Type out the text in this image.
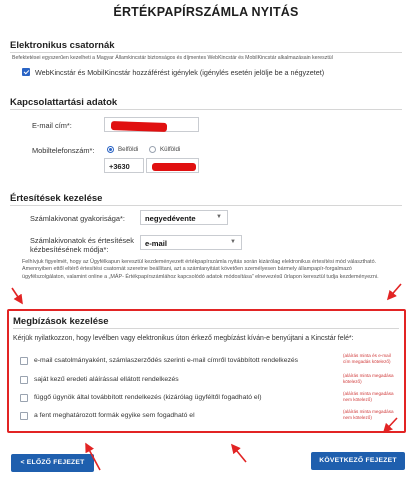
ÉRTÉKPAPÍRSZÁMLA NYITÁS
Elektronikus csatornák
Befektetései egyszerűen kezelheti a Magyar Államkincstár biztonságos és díjmentes WebKincstár és MobilKincstár alkalmazásain keresztül
WebKincstár és MobilKincstár hozzáférést igénylek (igénylés esetén jelölje be a négyzetet)
Kapcsolattartási adatok
E-mail cím*:
Mobiltelefonszám*:	Belföldi	Külföldi
+3630
Értesítések kezelése
Számlakivonat gyakorisága*:	negyedévente	▼
Számlakivonatok és értesítések
kézbesítésének módja*:
e-mail	▼
Felhívjuk figyelmét, hogy az Ügyfélkapun keresztül kezdeményezett értékpapírszámla nyitás során kizárólag elektronikus értesítési mód választható. Amennyiben ettől eltérő értesítési csatornát szeretne beállítani, azt a számlanyitást követően személyesen bármely állampapír-forgalmazó ügyfélszolgálaton, valamint online a „MÁP- Értékpapírszámlához kapcsolódó adatok módosítása” elnevezésű űrlapon keresztül tudja kezdeményezni.
Megbízások kezelése
Kérjük nyilatkozzon, hogy levélben vagy elektronikus úton érkező megbízást kíván-e benyújtani a Kincstár felé*:
e-mail csatolmányaként, számlaszerződés szerinti e-mail címről továbbított rendelkezés
(aláírás minta és e-mail
cím megadás kötelező)
saját kezű eredeti aláírással ellátott rendelkezés
(aláírás minta megadása
kötelező)
függő ügynök által továbbított rendelkezés (kizárólag ügyféltől fogadható el)
(aláírás minta megadása
nem kötelező)
a fent meghatározott formák egyike sem fogadható el
(aláírás minta megadása
nem kötelező)
< ELŐZŐ FEJEZET	KÖVETKEZŐ FEJEZET
